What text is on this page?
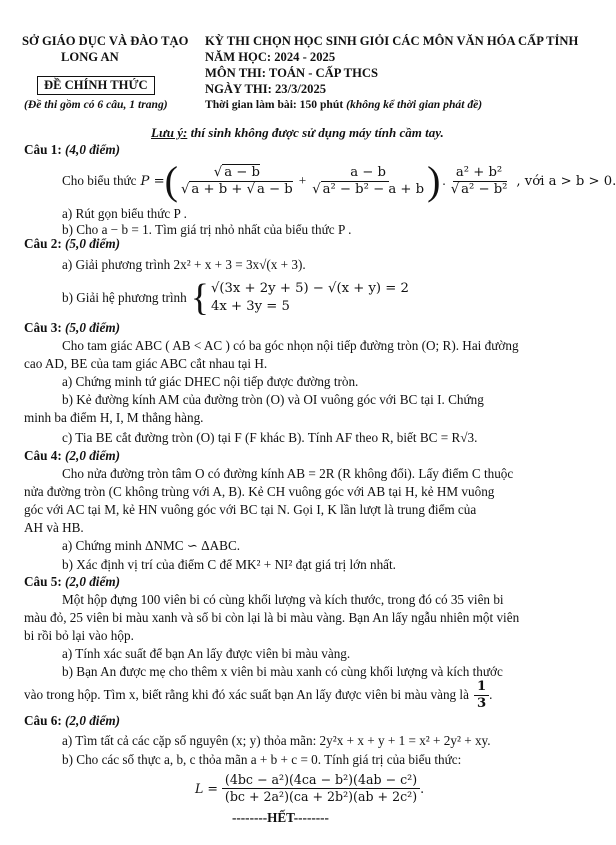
SỞ GIÁO DỤC VÀ ĐÀO TẠO
LONG AN
ĐỀ CHÍNH THỨC
(Đề thi gồm có 6 câu, 1 trang)
KỲ THI CHỌN HỌC SINH GIỎI CÁC MÔN VĂN HÓA CẤP TỈNH
NĂM HỌC: 2024 - 2025
MÔN THI: TOÁN - CẤP THCS
NGÀY THI: 23/3/2025
Thời gian làm bài: 150 phút (không kể thời gian phát đề)
Lưu ý: thí sinh không được sử dụng máy tính cầm tay.
Câu 1: (4,0 điểm)
Cho biểu thức P = ( $\frac{√ a - b}{√ a + b + √ a - b} + \frac{a - b}{\text{√ a² − b² − a + b}}$ ) . $\frac{\text{a² + b²}}{\text{√ a² − b²}}$ , với a > b > 0.
a) Rút gọn biểu thức P .
b) Cho a − b = 1. Tìm giá trị nhỏ nhất của biểu thức P .
Câu 2: (5,0 điểm)
a) Giải phương trình 2x² + x + 3 = 3x√(x + 3).
b) Giải hệ phương trình { √(3x + 2y + 5) − √(x + y) = 2
4x + 3y = 5
Câu 3: (5,0 điểm)
Cho tam giác ABC ( AB < AC ) có ba góc nhọn nội tiếp đường tròn (O; R). Hai đường
cao AD, BE của tam giác ABC cắt nhau tại H.
a) Chứng minh tứ giác DHEC nội tiếp được đường tròn.
b) Kẻ đường kính AM của đường tròn (O) và OI vuông góc với BC tại I. Chứng
minh ba điểm H, I, M thẳng hàng.
c) Tia BE cắt đường tròn (O) tại F (F khác B). Tính AF theo R, biết BC = R√3.
Câu 4: (2,0 điểm)
Cho nửa đường tròn tâm O có đường kính AB = 2R (R không đổi). Lấy điểm C thuộc
nửa đường tròn (C không trùng với A, B). Kẻ CH vuông góc với AB tại H, kẻ HM vuông
góc với AC tại M, kẻ HN vuông góc với BC tại N. Gọi I, K lần lượt là trung điểm của
AH và HB.
a) Chứng minh ΔNMC ∽ ΔABC.
b) Xác định vị trí của điểm C để MK² + NI² đạt giá trị lớn nhất.
Câu 5: (2,0 điểm)
Một hộp đựng 100 viên bi có cùng khối lượng và kích thước, trong đó có 35 viên bi
màu đỏ, 25 viên bi màu xanh và số bi còn lại là bi màu vàng. Bạn An lấy ngẫu nhiên một viên
bi rồi bỏ lại vào hộp.
a) Tính xác suất để bạn An lấy được viên bi màu vàng.
b) Bạn An được mẹ cho thêm x viên bi màu xanh có cùng khối lượng và kích thước
vào trong hộp. Tìm x, biết rằng khi đó xác suất bạn An lấy được viên bi màu vàng là $\frac{1}{3}$ .
Câu 6: (2,0 điểm)
a) Tìm tất cả các cặp số nguyên (x; y) thỏa mãn: 2y²x + x + y + 1 = x² + 2y² + xy.
b) Cho các số thực a, b, c thỏa mãn a + b + c = 0. Tính giá trị của biểu thức:
$L = \frac{\text{(4bc − a²)(4ca − b²)(4ab − c²)}}{\text{(bc + 2a²)(ca + 2b²)(ab + 2c²)}}$ .
--------HẾT--------
